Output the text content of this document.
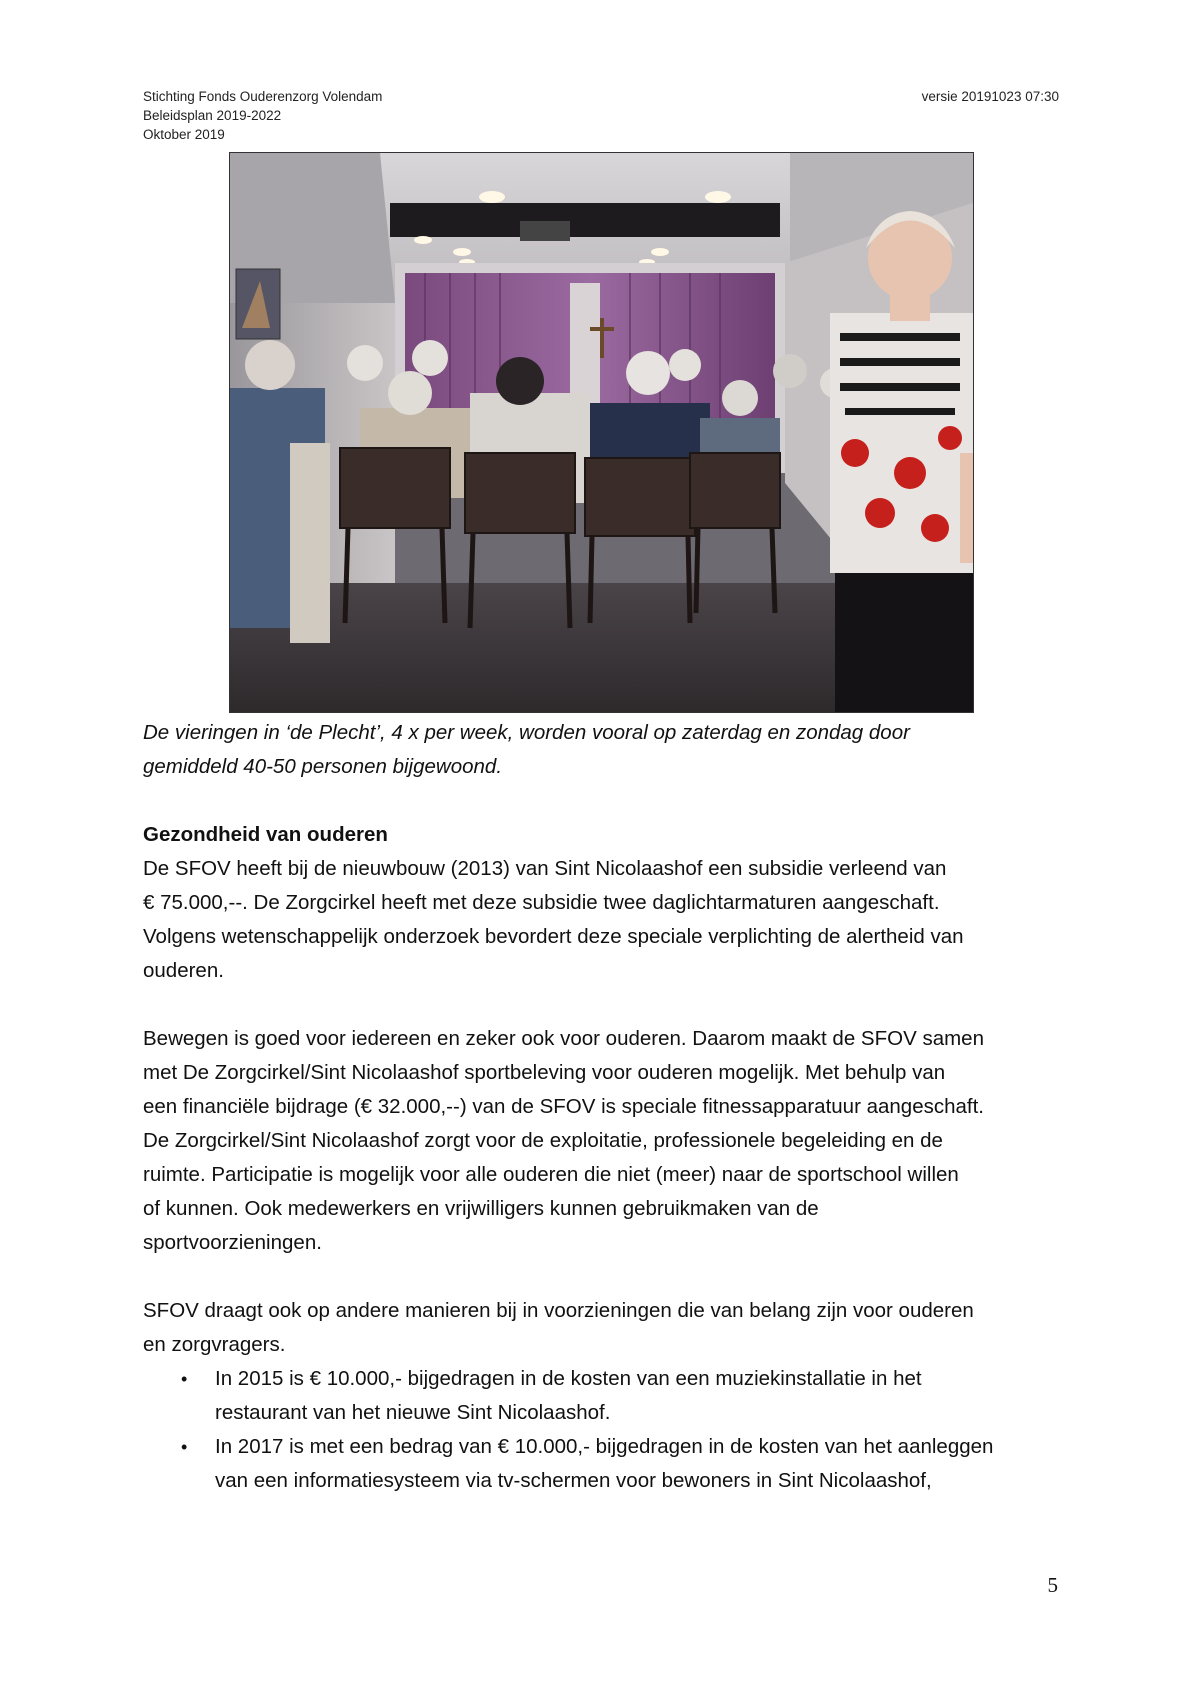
Stichting Fonds Ouderenzorg Volendam
Beleidsplan 2019-2022
Oktober 2019
versie 20191023 07:30
De vieringen in ‘de Plecht’, 4 x per week, worden vooral op zaterdag en zondag door
gemiddeld 40-50 personen bijgewoond.
Gezondheid van ouderen
De SFOV heeft bij de nieuwbouw (2013) van Sint Nicolaashof een subsidie verleend van
€ 75.000,--. De Zorgcirkel heeft met deze subsidie twee daglichtarmaturen aangeschaft.
Volgens wetenschappelijk onderzoek bevordert deze speciale verplichting de alertheid van
ouderen.
Bewegen is goed voor iedereen en zeker ook voor ouderen. Daarom maakt de SFOV samen
met De Zorgcirkel/Sint Nicolaashof sportbeleving voor ouderen mogelijk. Met behulp van
een financiële bijdrage (€ 32.000,--) van de SFOV is speciale fitnessapparatuur aangeschaft.
De Zorgcirkel/Sint Nicolaashof zorgt voor de exploitatie, professionele begeleiding en de
ruimte. Participatie is mogelijk voor alle ouderen die niet (meer) naar de sportschool willen
of kunnen. Ook medewerkers en vrijwilligers kunnen gebruikmaken van de
sportvoorzieningen.
SFOV draagt ook op andere manieren bij in voorzieningen die van belang zijn voor ouderen
en zorgvragers.
• In 2015 is € 10.000,- bijgedragen in de kosten van een muziekinstallatie in het
restaurant van het nieuwe Sint Nicolaashof.
• In 2017 is met een bedrag van € 10.000,- bijgedragen in de kosten van het aanleggen
van een informatiesysteem via tv-schermen voor bewoners in Sint Nicolaashof,
5
